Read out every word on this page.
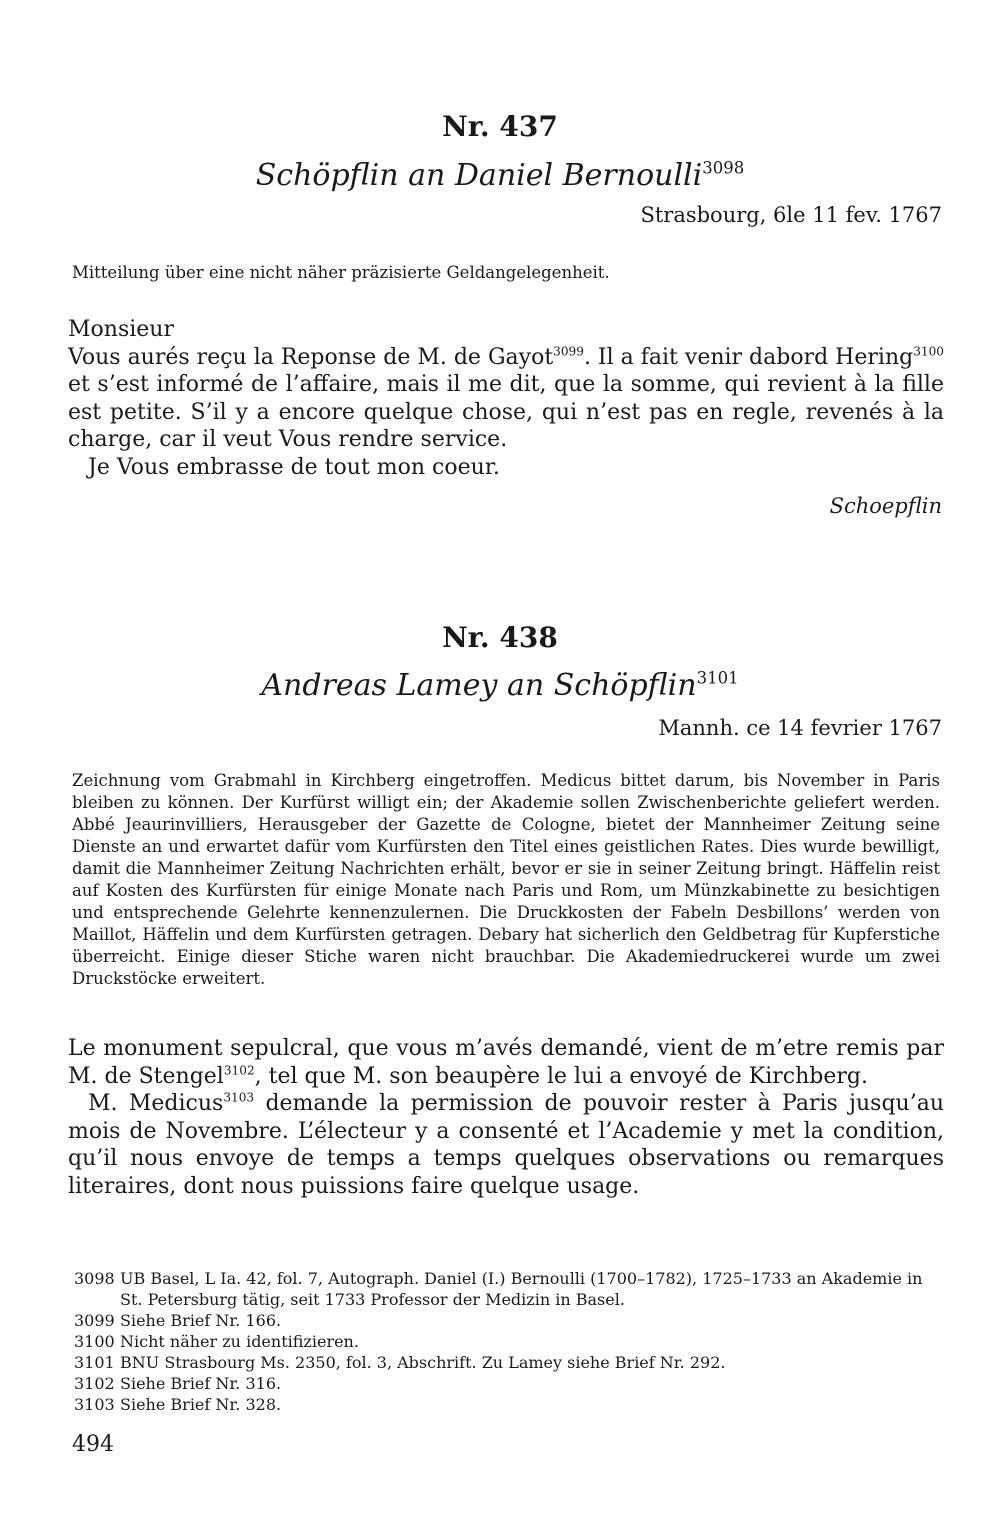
Nr. 437
Schöpflin an Daniel Bernoulli$^{3098}$
Strasbourg, 6le 11 fev. 1767
Mitteilung über eine nicht näher präzisierte Geldangelegenheit.

Monsieur

Vous aurés reçu la Reponse de M. de Gayot$^{3099}$. Il a fait venir dabord Hering$^{3100}$ et s’est informé de l’affaire, mais il me dit, que la somme, qui revient à la fille est petite. S’il y a encore quelque chose, qui n’est pas en regle, revenés à la charge, car il veut Vous rendre service.

Je Vous embrasse de tout mon coeur.

Schoepflin
Nr. 438
Andreas Lamey an Schöpflin$^{3101}$
Mannh. ce 14 fevrier 1767
Zeichnung vom Grabmahl in Kirchberg eingetroffen. Medicus bittet darum, bis November in Paris bleiben zu können. Der Kurfürst willigt ein; der Akademie sollen Zwischenberichte geliefert werden. Abbé Jeaurinvilliers, Herausgeber der Gazette de Cologne, bietet der Mannheimer Zeitung seine Dienste an und erwartet dafür vom Kurfürsten den Titel eines geistlichen Rates. Dies wurde bewilligt, damit die Mannheimer Zeitung Nachrichten erhält, bevor er sie in seiner Zeitung bringt. Häffelin reist auf Kosten des Kurfürsten für einige Monate nach Paris und Rom, um Münzkabinette zu besichtigen und entsprechende Gelehrte kennenzulernen. Die Druckkosten der Fabeln Desbillons’ werden von Maillot, Häffelin und dem Kurfürsten getragen. Debary hat sicherlich den Geldbetrag für Kupferstiche überreicht. Einige dieser Stiche waren nicht brauchbar. Die Akademiedruckerei wurde um zwei Druckstöcke erweitert.

Le monument sepulcral, que vous m’avés demandé, vient de m’etre remis par M. de Stengel$^{3102}$, tel que M. son beaupère le lui a envoyé de Kirchberg.

M. Medicus$^{3103}$ demande la permission de pouvoir rester à Paris jusqu’au mois de Novembre. L’électeur y a consenté et l’Academie y met la condition, qu’il nous envoye de temps a temps quelques observations ou remarques literaires, dont nous puissions faire quelque usage.

3098 UB Basel, L Ia. 42, fol. 7, Autograph. Daniel (I.) Bernoulli (1700–1782), 1725–1733 an Akademie in St. Petersburg tätig, seit 1733 Professor der Medizin in Basel.
3099 Siehe Brief Nr. 166.
3100 Nicht näher zu identifizieren.
3101 BNU Strasbourg Ms. 2350, fol. 3, Abschrift. Zu Lamey siehe Brief Nr. 292.
3102 Siehe Brief Nr. 316.
3103 Siehe Brief Nr. 328.
494
